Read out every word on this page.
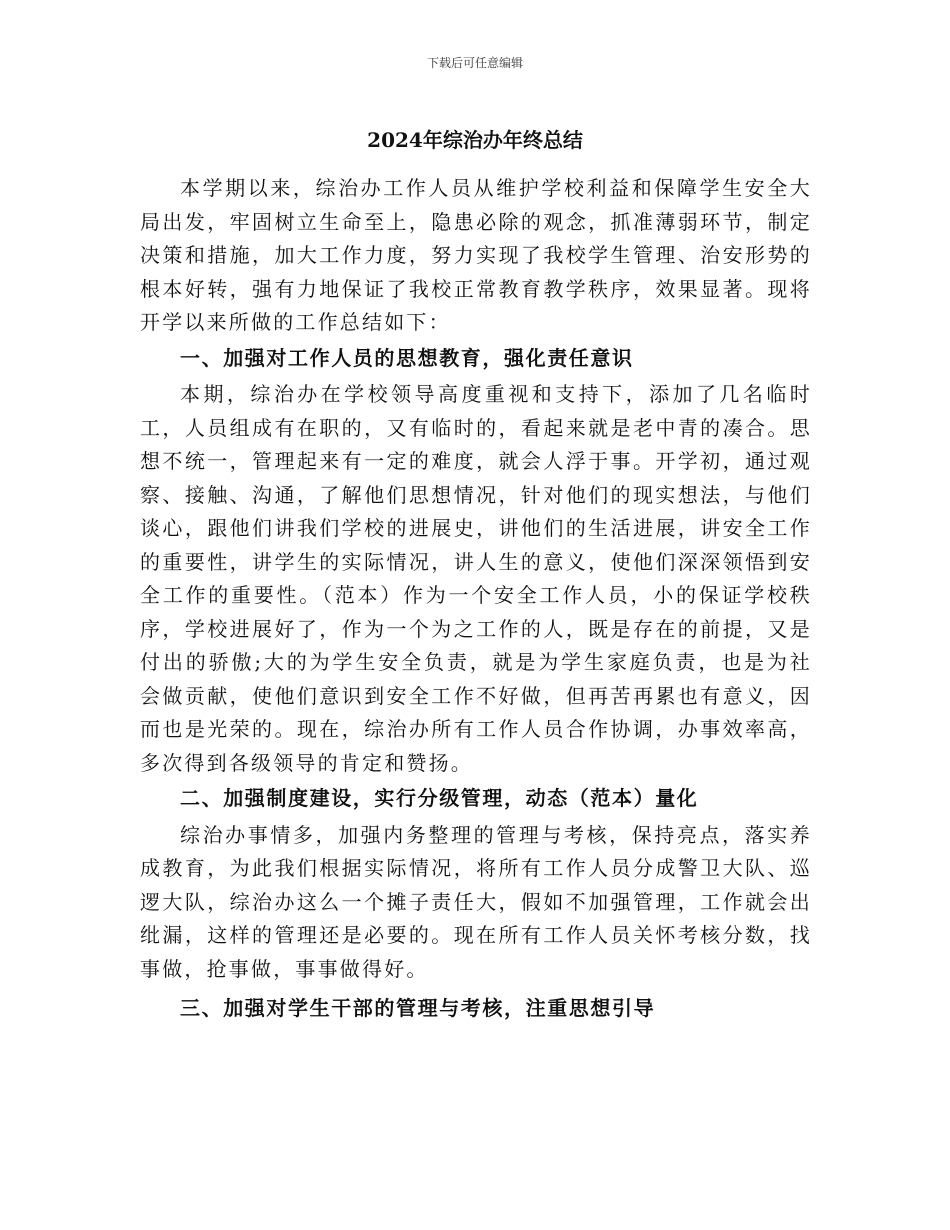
下载后可任意编辑
2024年综治办年终总结

本学期以来，综治办工作人员从维护学校利益和保障学生安全大局出发，牢固树立生命至上，隐患必除的观念，抓准薄弱环节，制定决策和措施，加大工作力度，努力实现了我校学生管理、治安形势的根本好转，强有力地保证了我校正常教育教学秩序，效果显著。现将开学以来所做的工作总结如下：

一、加强对工作人员的思想教育，强化责任意识

本期，综治办在学校领导高度重视和支持下，添加了几名临时工，人员组成有在职的，又有临时的，看起来就是老中青的凑合。思想不统一，管理起来有一定的难度，就会人浮于事。开学初，通过观察、接触、沟通，了解他们思想情况，针对他们的现实想法，与他们谈心，跟他们讲我们学校的进展史，讲他们的生活进展，讲安全工作的重要性，讲学生的实际情况，讲人生的意义，使他们深深领悟到安全工作的重要性。（范本）作为一个安全工作人员，小的保证学校秩序，学校进展好了，作为一个为之工作的人，既是存在的前提，又是付出的骄傲;大的为学生安全负责，就是为学生家庭负责，也是为社会做贡献，使他们意识到安全工作不好做，但再苦再累也有意义，因而也是光荣的。现在，综治办所有工作人员合作协调，办事效率高，多次得到各级领导的肯定和赞扬。

二、加强制度建设，实行分级管理，动态（范本）量化

综治办事情多，加强内务整理的管理与考核，保持亮点，落实养成教育，为此我们根据实际情况，将所有工作人员分成警卫大队、巡逻大队，综治办这么一个摊子责任大，假如不加强管理，工作就会出纰漏，这样的管理还是必要的。现在所有工作人员关怀考核分数，找事做，抢事做，事事做得好。

三、加强对学生干部的管理与考核，注重思想引导
